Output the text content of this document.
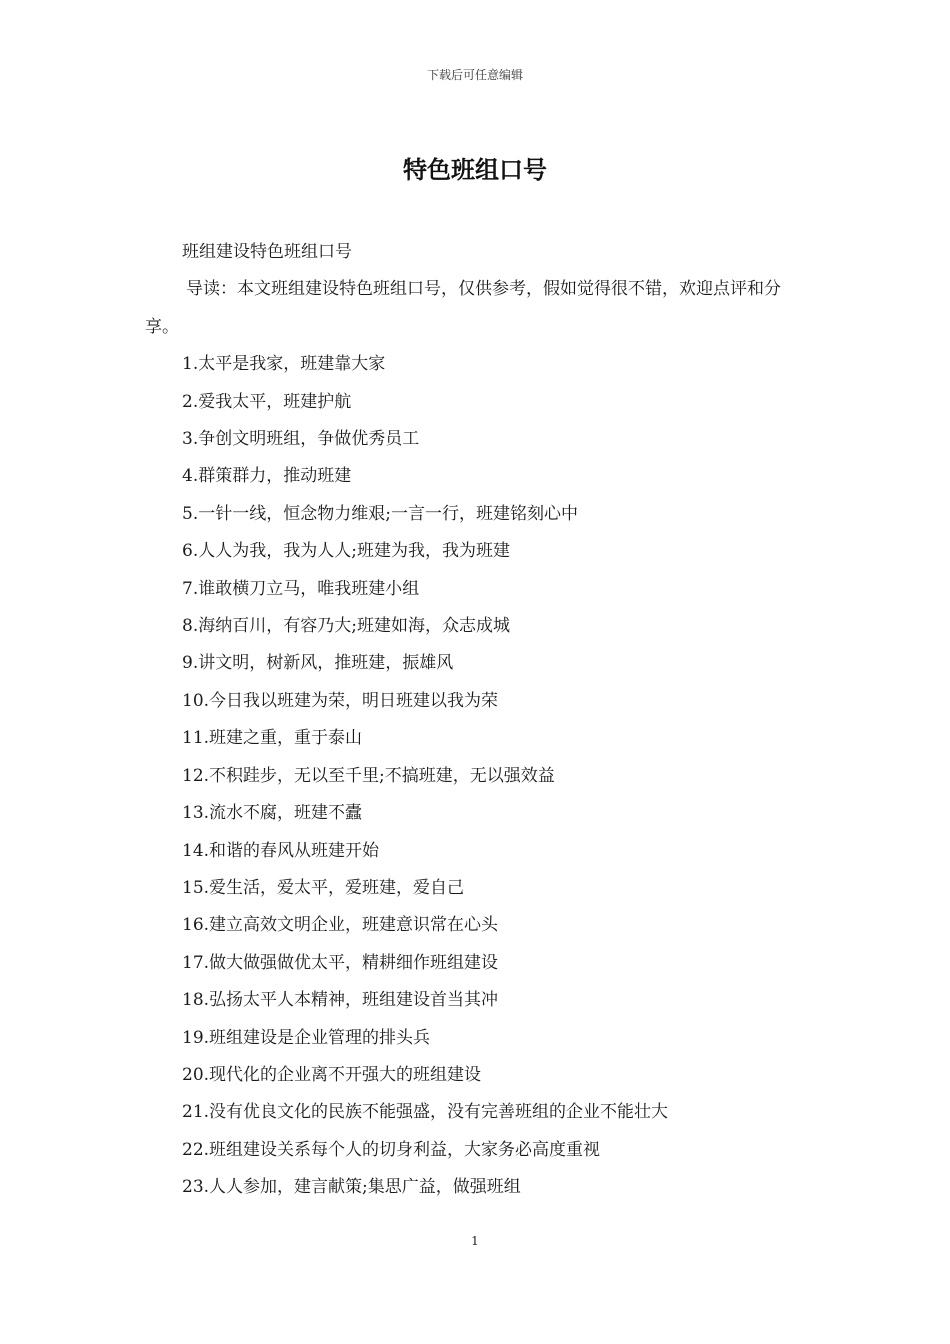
下载后可任意编辑
特色班组口号

班组建设特色班组口号

导读：本文班组建设特色班组口号，仅供参考，假如觉得很不错，欢迎点评和分享。

1.太平是我家，班建靠大家
2.爱我太平，班建护航
3.争创文明班组，争做优秀员工
4.群策群力，推动班建
5.一针一线，恒念物力维艰;一言一行，班建铭刻心中
6.人人为我，我为人人;班建为我，我为班建
7.谁敢横刀立马，唯我班建小组
8.海纳百川，有容乃大;班建如海，众志成城
9.讲文明，树新风，推班建，振雄风
10.今日我以班建为荣，明日班建以我为荣
11.班建之重，重于泰山
12.不积跬步，无以至千里;不搞班建，无以强效益
13.流水不腐，班建不蠹
14.和谐的春风从班建开始
15.爱生活，爱太平，爱班建，爱自己
16.建立高效文明企业，班建意识常在心头
17.做大做强做优太平，精耕细作班组建设
18.弘扬太平人本精神，班组建设首当其冲
19.班组建设是企业管理的排头兵
20.现代化的企业离不开强大的班组建设
21.没有优良文化的民族不能强盛，没有完善班组的企业不能壮大
22.班组建设关系每个人的切身利益，大家务必高度重视
23.人人参加，建言献策;集思广益，做强班组
1
